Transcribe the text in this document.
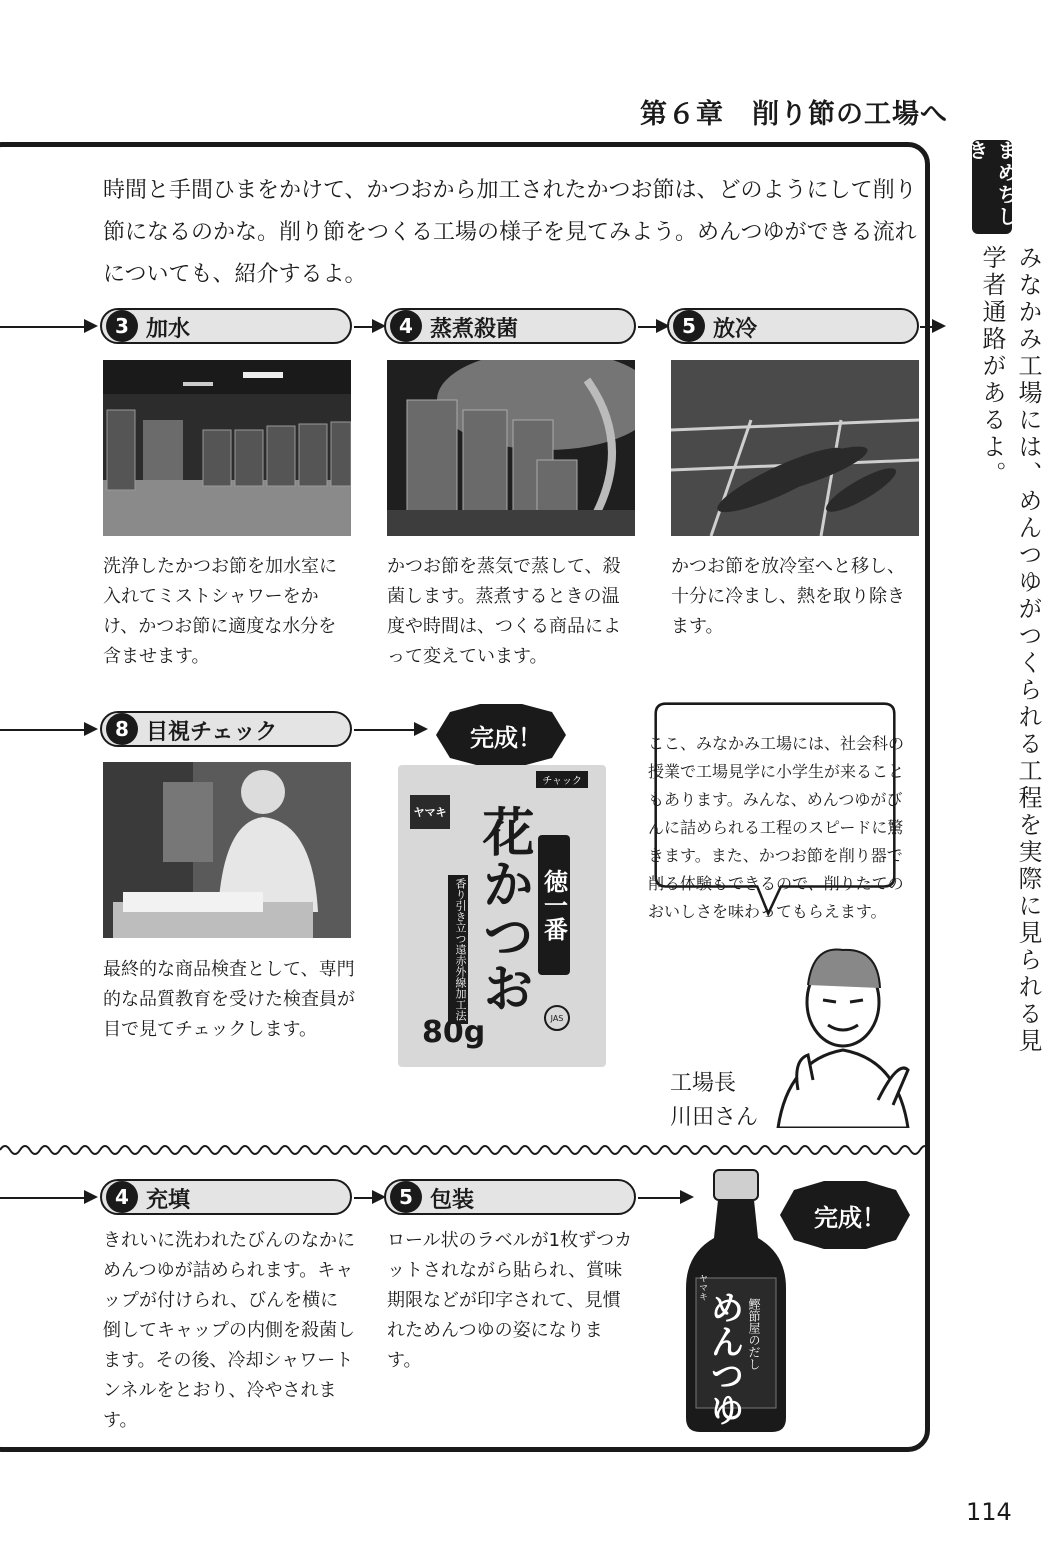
第６章　削り節の工場へ
時間と手間ひまをかけて、かつおから加工されたかつお節は、どのようにして削り節になるのかな。削り節をつくる工場の様子を見てみよう。めんつゆができる流れについても、紹介するよ。
まめちしき
みなかみ工場には、めんつゆがつくられる工程を実際に見られる見学者通路があるよ。
3 加水
洗浄したかつお節を加水室に入れてミストシャワーをかけ、かつお節に適度な水分を含ませます。
4 蒸煮殺菌
かつお節を蒸気で蒸して、殺菌します。蒸煮するときの温度や時間は、つくる商品によって変えています。
5 放冷
かつお節を放冷室へと移し、十分に冷まし、熱を取り除きます。
8 目視チェック
最終的な商品検査として、専門的な品質教育を受けた検査員が目で見てチェックします。
完成！
ヤマキ
チャック
徳一番
花かつお
香り引き立つ遠赤外線加工法
80g	JAS
ここ、みなかみ工場には、社会科の授業で工場見学に小学生が来ることもあります。みんな、めんつゆがびんに詰められる工程のスピードに驚きます。また、かつお節を削り器で削る体験もできるので、削りたてのおいしさを味わってもらえます。
工場長
川田さん
4 充填	5 包装
きれいに洗われたびんのなかにめんつゆが詰められます。キャップが付けられ、びんを横に倒してキャップの内側を殺菌します。その後、冷却シャワートンネルをとおり、冷やされます。
ロール状のラベルが1枚ずつカットされながら貼られ、賞味期限などが印字されて、見慣れためんつゆの姿になります。	めんつゆ 鰹節屋のだし
ヤマキ
完成！
114
